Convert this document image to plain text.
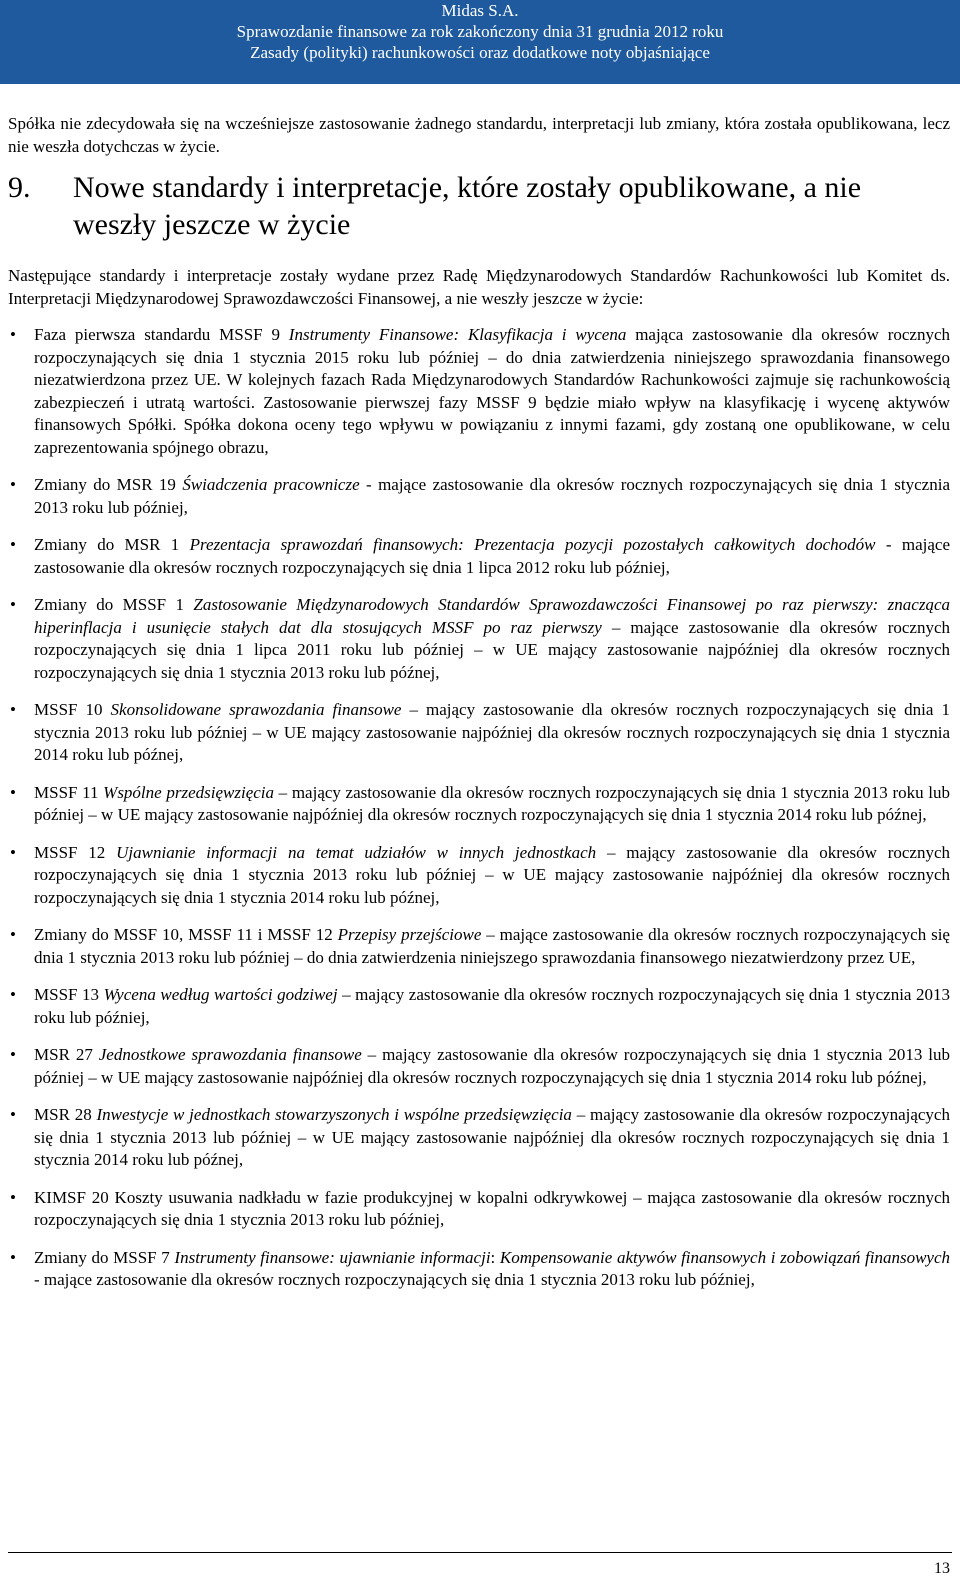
Midas S.A.
Sprawozdanie finansowe za rok zakończony dnia 31 grudnia 2012 roku
Zasady (polityki) rachunkowości oraz dodatkowe noty objaśniające

Spółka nie zdecydowała się na wcześniejsze zastosowanie żadnego standardu, interpretacji lub zmiany, która została opublikowana, lecz nie weszła dotychczas w życie.

9.	Nowe standardy i interpretacje, które zostały opublikowane, a nie weszły jeszcze w życie

Następujące standardy i interpretacje zostały wydane przez Radę Międzynarodowych Standardów Rachunkowości lub Komitet ds. Interpretacji Międzynarodowej Sprawozdawczości Finansowej, a nie weszły jeszcze w życie:

• Faza pierwsza standardu MSSF 9 Instrumenty Finansowe: Klasyfikacja i wycena mająca zastosowanie dla okresów rocznych rozpoczynających się dnia 1 stycznia 2015 roku lub później – do dnia zatwierdzenia niniejszego sprawozdania finansowego niezatwierdzona przez UE. W kolejnych fazach Rada Międzynarodowych Standardów Rachunkowości zajmuje się rachunkowością zabezpieczeń i utratą wartości. Zastosowanie pierwszej fazy MSSF 9 będzie miało wpływ na klasyfikację i wycenę aktywów finansowych Spółki. Spółka dokona oceny tego wpływu w powiązaniu z innymi fazami, gdy zostaną one opublikowane, w celu zaprezentowania spójnego obrazu,
• Zmiany do MSR 19 Świadczenia pracownicze - mające zastosowanie dla okresów rocznych rozpoczynających się dnia 1 stycznia 2013 roku lub później,
• Zmiany do MSR 1 Prezentacja sprawozdań finansowych: Prezentacja pozycji pozostałych całkowitych dochodów - mające zastosowanie dla okresów rocznych rozpoczynających się dnia 1 lipca 2012 roku lub później,
• Zmiany do MSSF 1 Zastosowanie Międzynarodowych Standardów Sprawozdawczości Finansowej po raz pierwszy: znacząca hiperinflacja i usunięcie stałych dat dla stosujących MSSF po raz pierwszy – mające zastosowanie dla okresów rocznych rozpoczynających się dnia 1 lipca 2011 roku lub później – w UE mający zastosowanie najpóźniej dla okresów rocznych rozpoczynających się dnia 1 stycznia 2013 roku lub późnej,
• MSSF 10 Skonsolidowane sprawozdania finansowe – mający zastosowanie dla okresów rocznych rozpoczynających się dnia 1 stycznia 2013 roku lub później – w UE mający zastosowanie najpóźniej dla okresów rocznych rozpoczynających się dnia 1 stycznia 2014 roku lub późnej,
• MSSF 11 Wspólne przedsięwzięcia – mający zastosowanie dla okresów rocznych rozpoczynających się dnia 1 stycznia 2013 roku lub później – w UE mający zastosowanie najpóźniej dla okresów rocznych rozpoczynających się dnia 1 stycznia 2014 roku lub późnej,
• MSSF 12 Ujawnianie informacji na temat udziałów w innych jednostkach – mający zastosowanie dla okresów rocznych rozpoczynających się dnia 1 stycznia 2013 roku lub później – w UE mający zastosowanie najpóźniej dla okresów rocznych rozpoczynających się dnia 1 stycznia 2014 roku lub późnej,
• Zmiany do MSSF 10, MSSF 11 i MSSF 12 Przepisy przejściowe – mające zastosowanie dla okresów rocznych rozpoczynających się dnia 1 stycznia 2013 roku lub później – do dnia zatwierdzenia niniejszego sprawozdania finansowego niezatwierdzony przez UE,
• MSSF 13 Wycena według wartości godziwej – mający zastosowanie dla okresów rocznych rozpoczynających się dnia 1 stycznia 2013 roku lub później,
• MSR 27 Jednostkowe sprawozdania finansowe – mający zastosowanie dla okresów rozpoczynających się dnia 1 stycznia 2013 lub później – w UE mający zastosowanie najpóźniej dla okresów rocznych rozpoczynających się dnia 1 stycznia 2014 roku lub późnej,
• MSR 28 Inwestycje w jednostkach stowarzyszonych i wspólne przedsięwzięcia – mający zastosowanie dla okresów rozpoczynających się dnia 1 stycznia 2013 lub później – w UE mający zastosowanie najpóźniej dla okresów rocznych rozpoczynających się dnia 1 stycznia 2014 roku lub późnej,
• KIMSF 20 Koszty usuwania nadkładu w fazie produkcyjnej w kopalni odkrywkowej – mająca zastosowanie dla okresów rocznych rozpoczynających się dnia 1 stycznia 2013 roku lub później,
• Zmiany do MSSF 7 Instrumenty finansowe: ujawnianie informacji: Kompensowanie aktywów finansowych i zobowiązań finansowych - mające zastosowanie dla okresów rocznych rozpoczynających się dnia 1 stycznia 2013 roku lub później,
13
